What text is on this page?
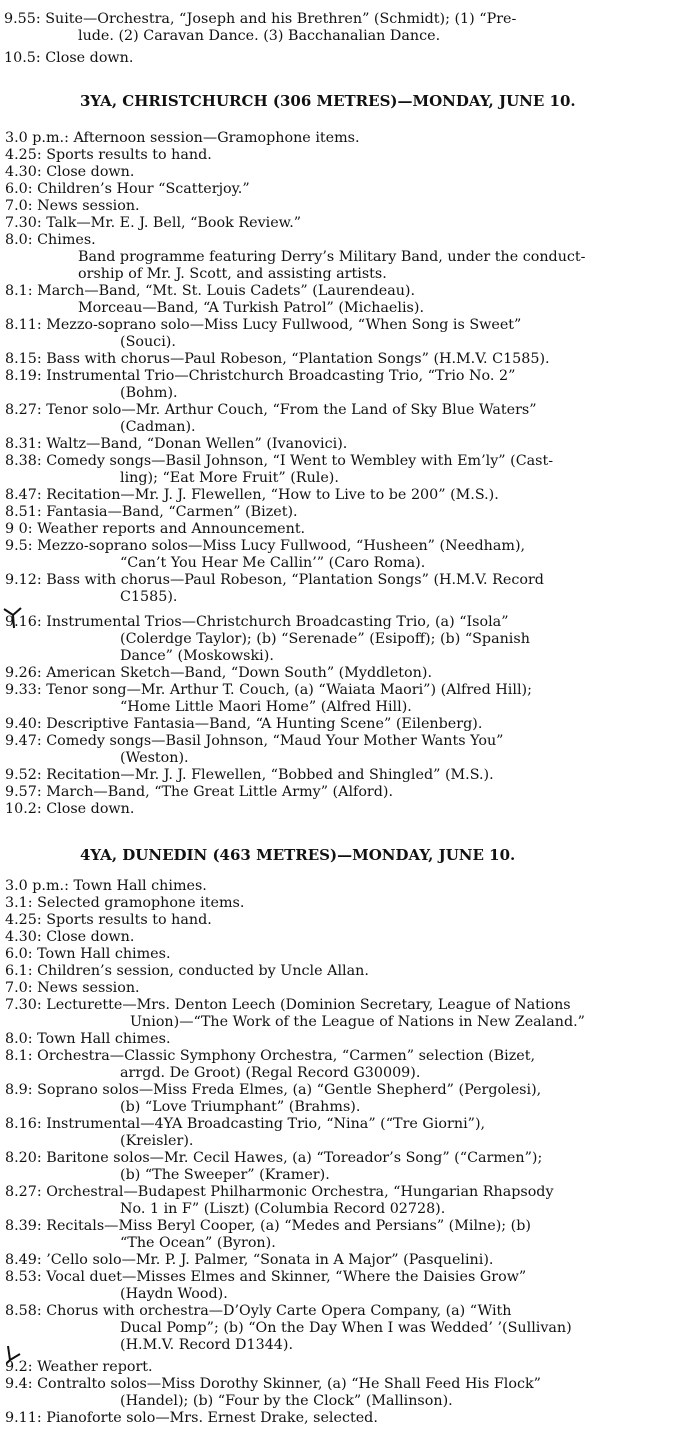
9.55: Suite—Orchestra, “Joseph and his Brethren” (Schmidt); (1) “Pre-
lude. (2) Caravan Dance. (3) Bacchanalian Dance.
10.5: Close down.
3YA, CHRISTCHURCH (306 METRES)—MONDAY, JUNE 10.
3.0 p.m.: Afternoon session—Gramophone items.
4.25: Sports results to hand.
4.30: Close down.
6.0: Children’s Hour “Scatterjoy.”
7.0: News session.
7.30: Talk—Mr. E. J. Bell, “Book Review.”
8.0: Chimes.
Band programme featuring Derry’s Military Band, under the conduct-
orship of Mr. J. Scott, and assisting artists.
8.1: March—Band, “Mt. St. Louis Cadets” (Laurendeau).
Morceau—Band, “A Turkish Patrol” (Michaelis).
8.11: Mezzo-soprano solo—Miss Lucy Fullwood, “When Song is Sweet”
(Souci).
8.15: Bass with chorus—Paul Robeson, “Plantation Songs” (H.M.V. C1585).
8.19: Instrumental Trio—Christchurch Broadcasting Trio, “Trio No. 2”
(Bohm).
8.27: Tenor solo—Mr. Arthur Couch, “From the Land of Sky Blue Waters”
(Cadman).
8.31: Waltz—Band, “Donan Wellen” (Ivanovici).
8.38: Comedy songs—Basil Johnson, “I Went to Wembley with Em’ly” (Cast-
ling); “Eat More Fruit” (Rule).
8.47: Recitation—Mr. J. J. Flewellen, “How to Live to be 200” (M.S.).
8.51: Fantasia—Band, “Carmen” (Bizet).
9 0: Weather reports and Announcement.
9.5: Mezzo-soprano solos—Miss Lucy Fullwood, “Husheen” (Needham),
“Can’t You Hear Me Callin’” (Caro Roma).
9.12: Bass with chorus—Paul Robeson, “Plantation Songs” (H.M.V. Record
C1585).
9.16: Instrumental Trios—Christchurch Broadcasting Trio, (a) “Isola”
(Colerdge Taylor); (b) “Serenade” (Esipoff); (b) “Spanish
Dance” (Moskowski).
9.26: American Sketch—Band, “Down South” (Myddleton).
9.33: Tenor song—Mr. Arthur T. Couch, (a) “Waiata Maori”) (Alfred Hill);
“Home Little Maori Home” (Alfred Hill).
9.40: Descriptive Fantasia—Band, “A Hunting Scene” (Eilenberg).
9.47: Comedy songs—Basil Johnson, “Maud Your Mother Wants You”
(Weston).
9.52: Recitation—Mr. J. J. Flewellen, “Bobbed and Shingled” (M.S.).
9.57: March—Band, “The Great Little Army” (Alford).
10.2: Close down.
4YA, DUNEDIN (463 METRES)—MONDAY, JUNE 10.
3.0 p.m.: Town Hall chimes.
3.1: Selected gramophone items.
4.25: Sports results to hand.
4.30: Close down.
6.0: Town Hall chimes.
6.1: Children’s session, conducted by Uncle Allan.
7.0: News session.
7.30: Lecturette—Mrs. Denton Leech (Dominion Secretary, League of Nations
Union)—“The Work of the League of Nations in New Zealand.”
8.0: Town Hall chimes.
8.1: Orchestra—Classic Symphony Orchestra, “Carmen” selection (Bizet,
arrgd. De Groot) (Regal Record G30009).
8.9: Soprano solos—Miss Freda Elmes, (a) “Gentle Shepherd” (Pergolesi),
(b) “Love Triumphant” (Brahms).
8.16: Instrumental—4YA Broadcasting Trio, “Nina” (“Tre Giorni”),
(Kreisler).
8.20: Baritone solos—Mr. Cecil Hawes, (a) “Toreador’s Song” (“Carmen”);
(b) “The Sweeper” (Kramer).
8.27: Orchestral—Budapest Philharmonic Orchestra, “Hungarian Rhapsody
No. 1 in F” (Liszt) (Columbia Record 02728).
8.39: Recitals—Miss Beryl Cooper, (a) “Medes and Persians” (Milne); (b)
“The Ocean” (Byron).
8.49: ’Cello solo—Mr. P. J. Palmer, “Sonata in A Major” (Pasquelini).
8.53: Vocal duet—Misses Elmes and Skinner, “Where the Daisies Grow”
(Haydn Wood).
8.58: Chorus with orchestra—D’Oyly Carte Opera Company, (a) “With
Ducal Pomp”; (b) “On the Day When I was Wedded’ ’(Sullivan)
(H.M.V. Record D1344).
9.2: Weather report.
9.4: Contralto solos—Miss Dorothy Skinner, (a) “He Shall Feed His Flock”
(Handel); (b) “Four by the Clock” (Mallinson).
9.11: Pianoforte solo—Mrs. Ernest Drake, selected.
